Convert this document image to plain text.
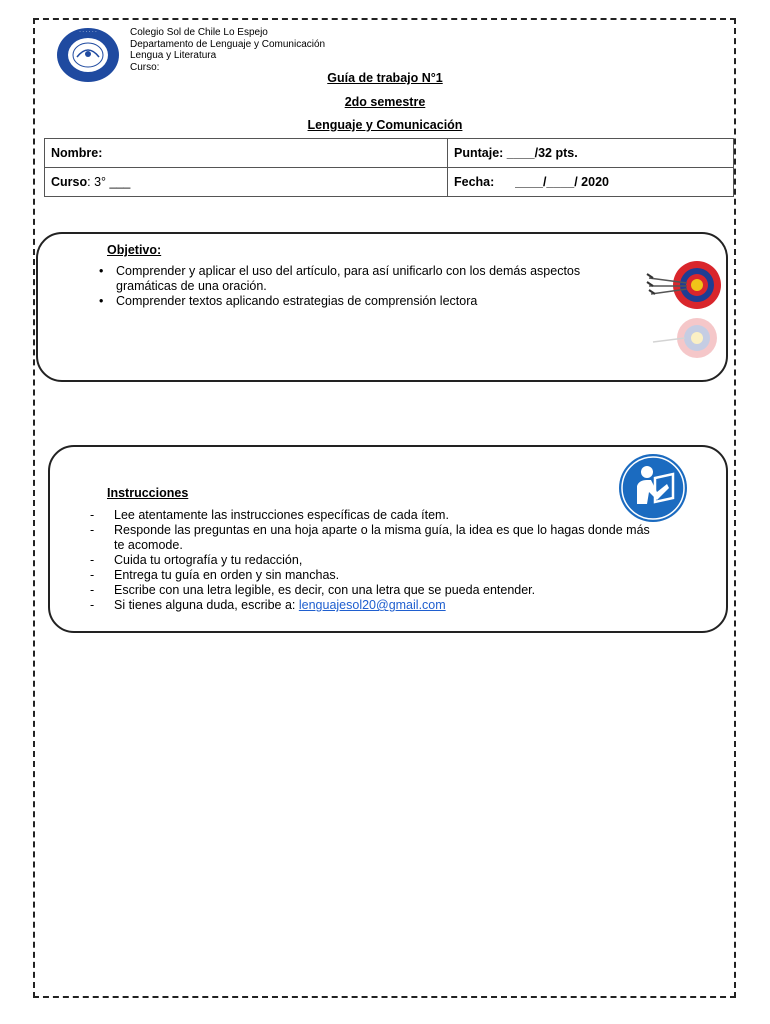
· · · · · ·	Colegio Sol de Chile Lo Espejo
Departamento de Lenguaje y Comunicación
Lengua y Literatura
Curso:
Guía de trabajo N°1
2do semestre
Lenguaje y Comunicación
Nombre:	Puntaje: ____/32 pts.
Curso: 3° ___	Fecha: ____/____/ 2020
Objetivo:
• Comprender y aplicar el uso del artículo, para así unificarlo con los demás aspectos gramáticas de una oración.
• Comprender textos aplicando estrategias de comprensión lectora
Instrucciones
- Lee atentamente las instrucciones específicas de cada ítem.
- Responde las preguntas en una hoja aparte o la misma guía, la idea es que lo hagas donde más te acomode.
- Cuida tu ortografía y tu redacción,
- Entrega tu guía en orden y sin manchas.
- Escribe con una letra legible, es decir, con una letra que se pueda entender.
- Si tienes alguna duda, escribe a: lenguajesol20@gmail.com
